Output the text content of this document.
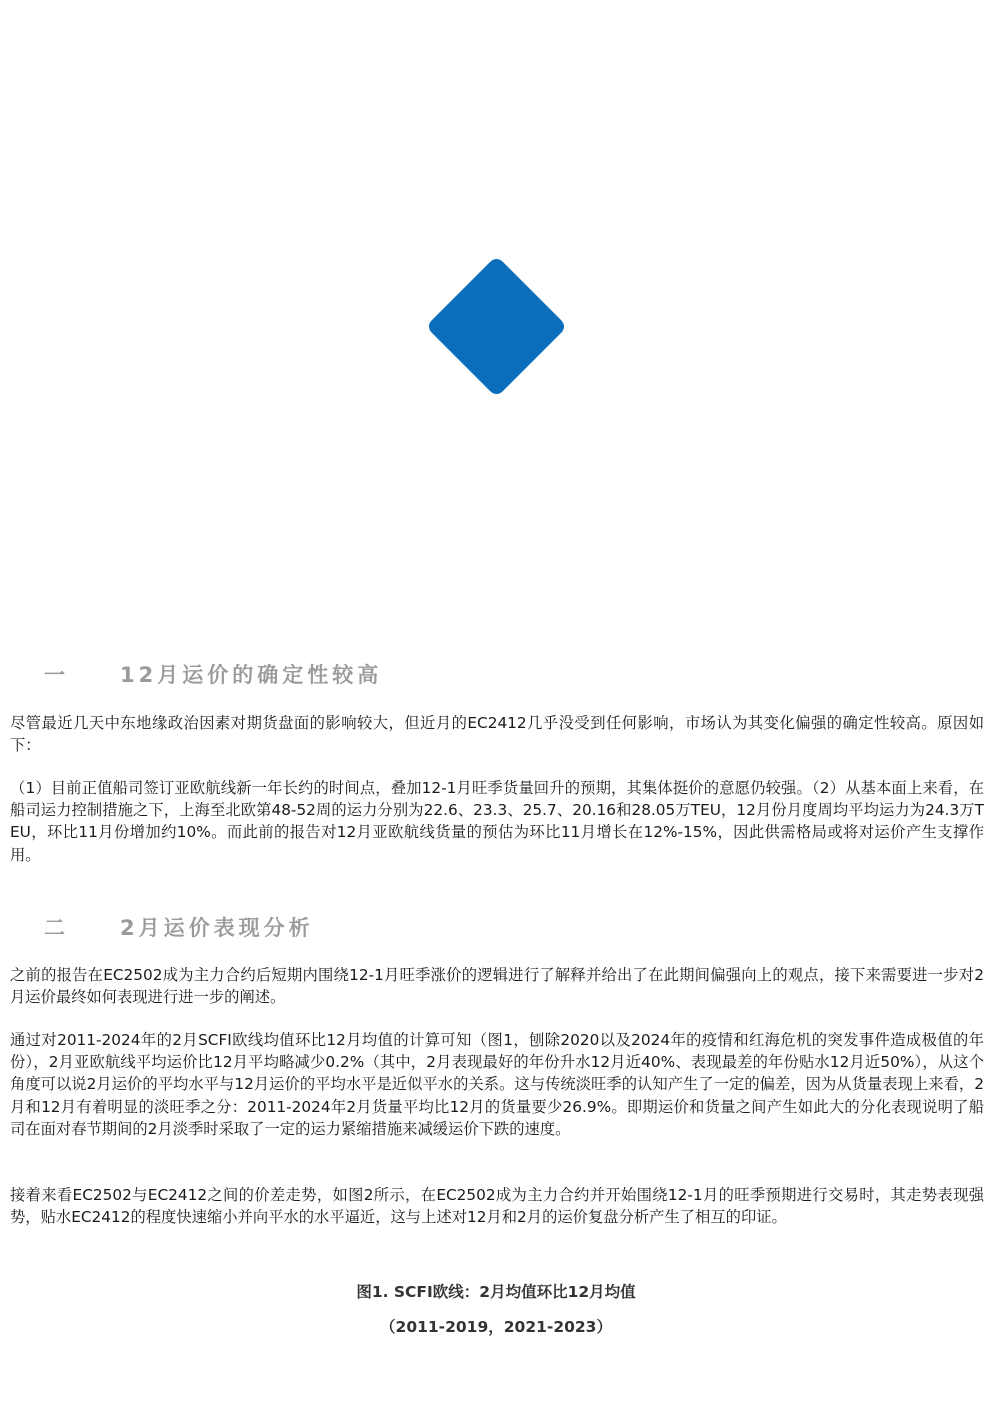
一	12月运价的确定性较高

尽管最近几天中东地缘政治因素对期货盘面的影响较大，但近月的EC2412几乎没受到任何影响，市场认为其变化偏强的确定性较高。原因如下：

（1）目前正值船司签订亚欧航线新一年长约的时间点，叠加12-1月旺季货量回升的预期，其集体挺价的意愿仍较强。（2）从基本面上来看，在船司运力控制措施之下，上海至北欧第48-52周的运力分别为22.6、23.3、25.7、20.16和28.05万TEU，12月份月度周均平均运力为24.3万TEU，环比11月份增加约10%。而此前的报告对12月亚欧航线货量的预估为环比11月增长在12%-15%，因此供需格局或将对运价产生支撑作用。

二	2月运价表现分析

之前的报告在EC2502成为主力合约后短期内围绕12-1月旺季涨价的逻辑进行了解释并给出了在此期间偏强向上的观点，接下来需要进一步对2月运价最终如何表现进行进一步的阐述。

通过对2011-2024年的2月SCFI欧线均值环比12月均值的计算可知（图1，刨除2020以及2024年的疫情和红海危机的突发事件造成极值的年份），2月亚欧航线平均运价比12月平均略减少0.2%（其中，2月表现最好的年份升水12月近40%、表现最差的年份贴水12月近50%），从这个角度可以说2月运价的平均水平与12月运价的平均水平是近似平水的关系。这与传统淡旺季的认知产生了一定的偏差，因为从货量表现上来看，2月和12月有着明显的淡旺季之分：2011-2024年2月货量平均比12月的货量要少26.9%。即期运价和货量之间产生如此大的分化表现说明了船司在面对春节期间的2月淡季时采取了一定的运力紧缩措施来减缓运价下跌的速度。

接着来看EC2502与EC2412之间的价差走势，如图2所示，在EC2502成为主力合约并开始围绕12-1月的旺季预期进行交易时，其走势表现强势，贴水EC2412的程度快速缩小并向平水的水平逼近，这与上述对12月和2月的运价复盘分析产生了相互的印证。

图1. SCFI欧线：2月均值环比12月均值
（2011-2019，2021-2023）
